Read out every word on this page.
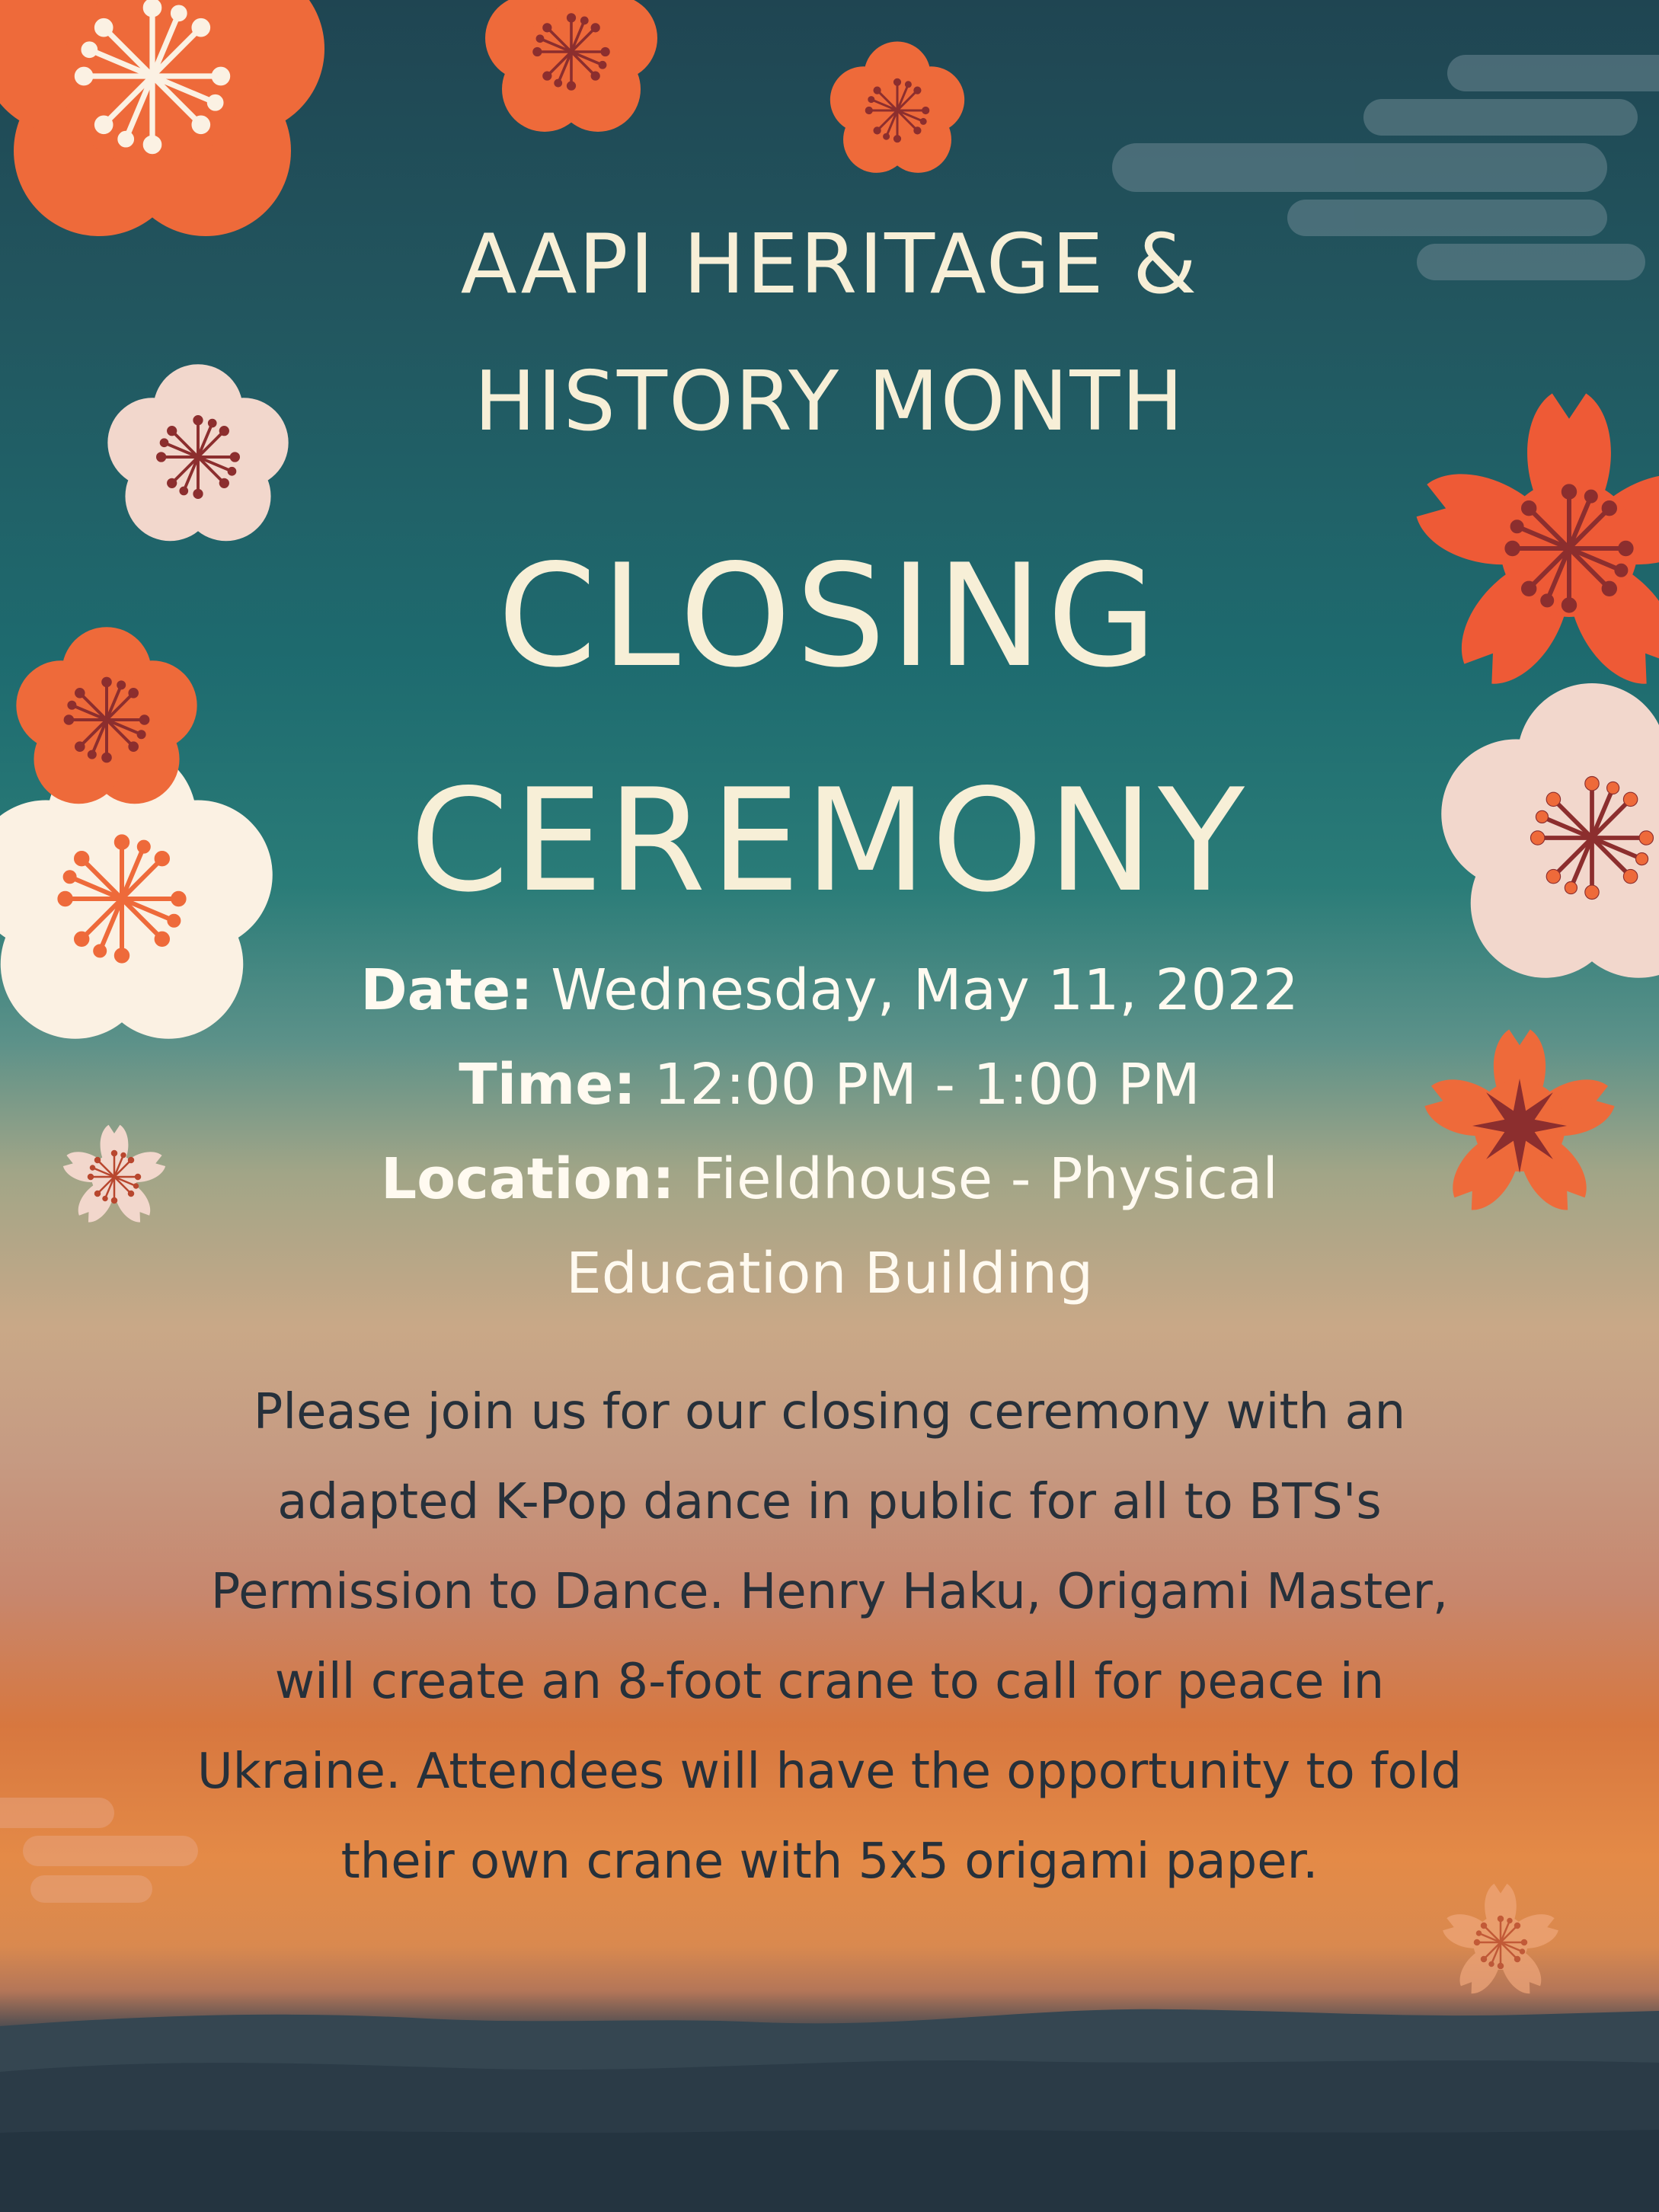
AAPI HERITAGE &
HISTORY MONTH
CLOSING
CEREMONY
Date: Wednesday, May 11, 2022
Time: 12:00 PM - 1:00 PM
Location: Fieldhouse - Physical
Education Building

Please join us for our closing ceremony with an

adapted K-Pop dance in public for all to BTS's

Permission to Dance. Henry Haku, Origami Master,

will create an 8-foot crane to call for peace in

Ukraine. Attendees will have the opportunity to fold

their own crane with 5x5 origami paper.
